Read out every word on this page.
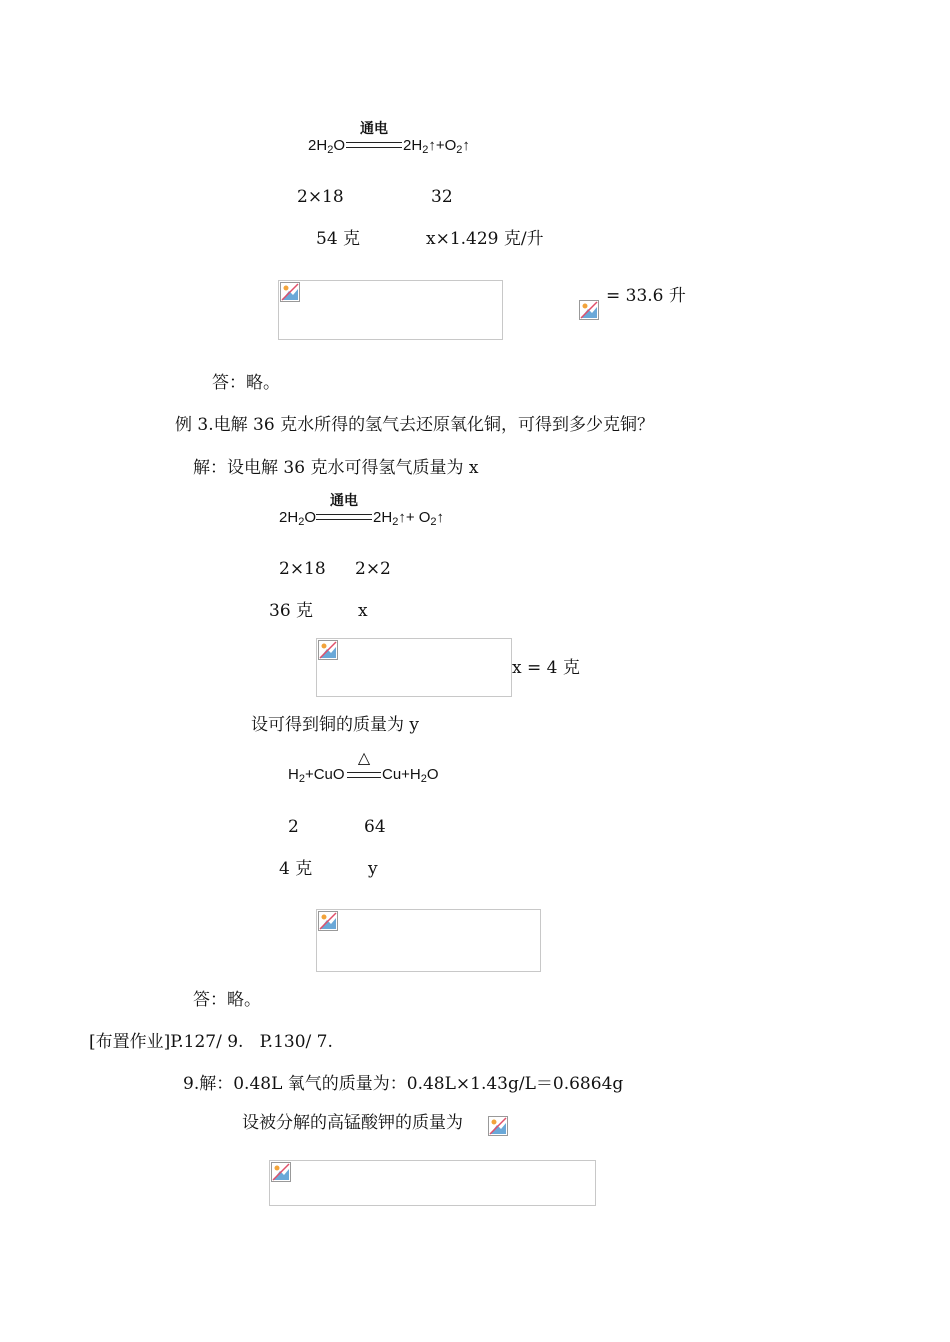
通电
$2H_2O$	$2H_2↑+O_2↑$
2×18	32
54 克	x×1.429 克/升
= 33.6 升
答：略。
例 3.电解 36 克水所得的氢气去还原氧化铜，可得到多少克铜？
解：设电解 36 克水可得氢气质量为 x
通电
$2H_2O$	$2H_2↑+$ $O_2↑$
2×18 2×2
36 克	x
x = 4 克
设可得到铜的质量为 y
△
$H_2+CuO$ $Cu+H_2O$
2	64
4 克	y
答：略。
[布置作业]P.127/ 9.   P.130/ 7.
9.解：0.48L 氧气的质量为：0.48L×1.43g/L＝0.6864g
设被分解的高锰酸钾的质量为
